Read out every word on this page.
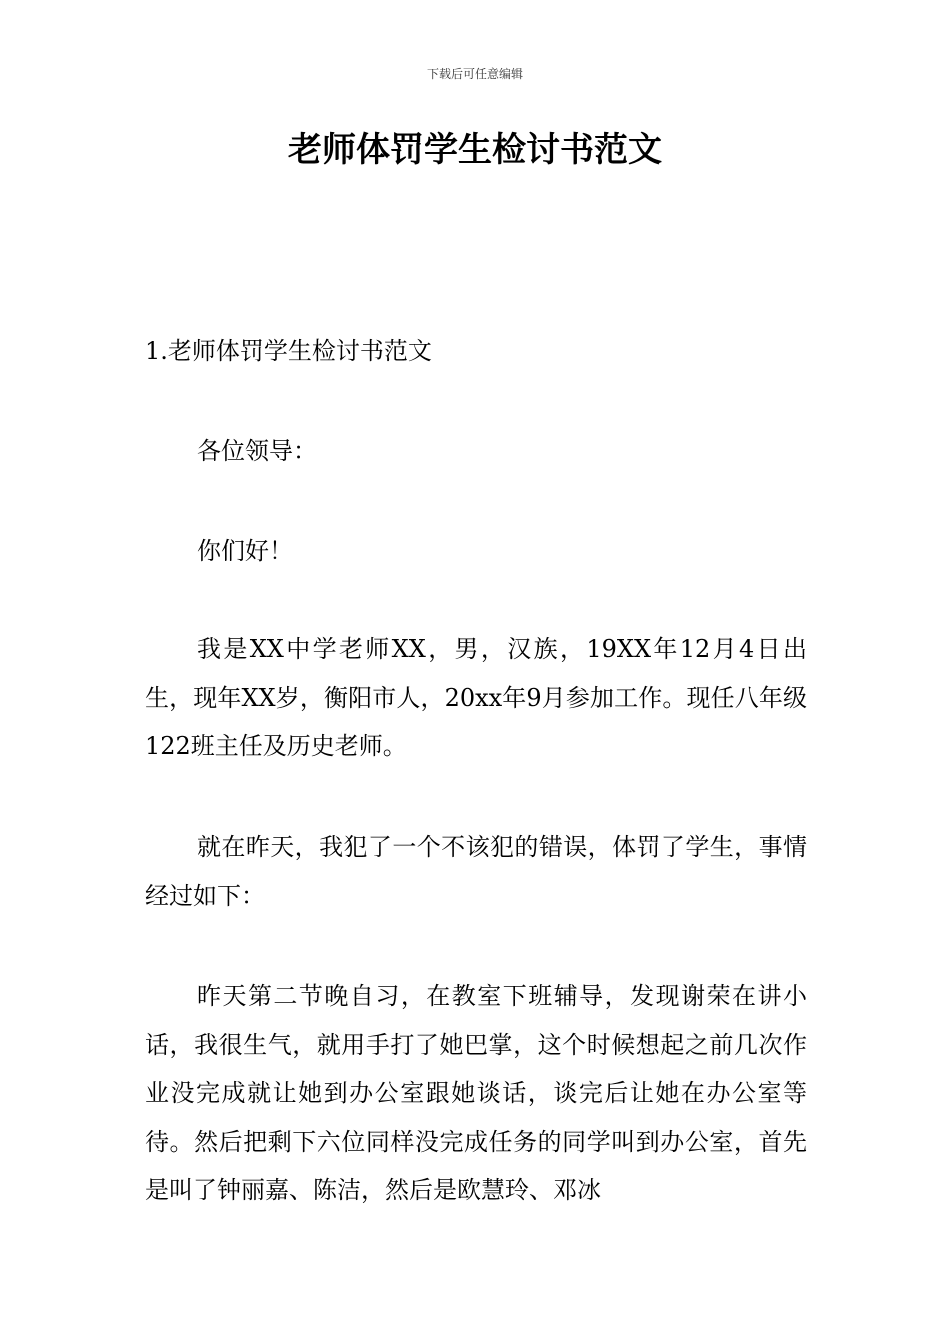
下载后可任意编辑
老师体罚学生检讨书范文
1.老师体罚学生检讨书范文

各位领导：

你们好！

我是XX中学老师XX，男，汉族，19XX年12月4日出生，现年XX岁，衡阳市人，20xx年9月参加工作。现任八年级122班主任及历史老师。

就在昨天，我犯了一个不该犯的错误，体罚了学生，事情经过如下：

昨天第二节晚自习，在教室下班辅导，发现谢荣在讲小话，我很生气，就用手打了她巴掌，这个时候想起之前几次作业没完成就让她到办公室跟她谈话，谈完后让她在办公室等待。然后把剩下六位同样没完成任务的同学叫到办公室，首先是叫了钟丽嘉、陈洁，然后是欧慧玲、邓冰
